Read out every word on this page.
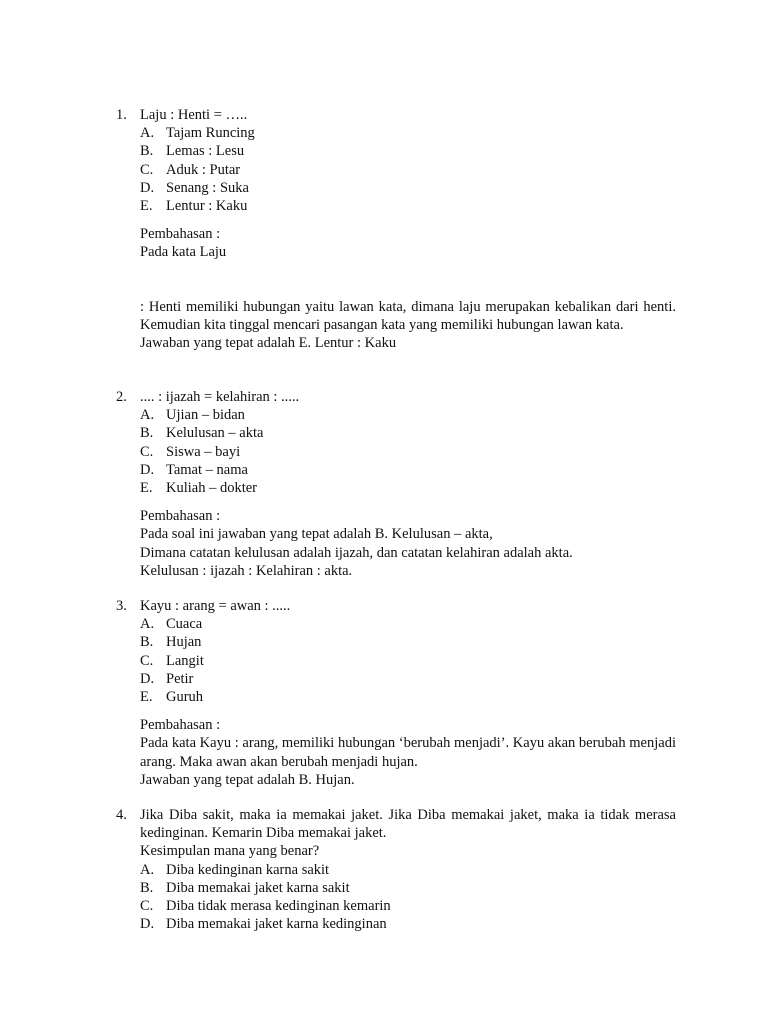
1. Laju : Henti = …..
A. Tajam Runcing
B. Lemas : Lesu
C. Aduk : Putar
D. Senang : Suka
E. Lentur : Kaku
Pembahasan :
Pada kata Laju
: Henti memiliki hubungan yaitu lawan kata, dimana laju merupakan kebalikan dari henti. Kemudian kita tinggal mencari pasangan kata yang memiliki hubungan lawan kata.
Jawaban yang tepat adalah E. Lentur : Kaku
2. .... : ijazah = kelahiran : .....
A. Ujian – bidan
B. Kelulusan – akta
C. Siswa – bayi
D. Tamat – nama
E. Kuliah – dokter
Pembahasan :
Pada soal ini jawaban yang tepat adalah B. Kelulusan – akta,
Dimana catatan kelulusan adalah ijazah, dan catatan kelahiran adalah akta.
Kelulusan : ijazah : Kelahiran : akta.
3. Kayu : arang = awan : .....
A. Cuaca
B. Hujan
C. Langit
D. Petir
E. Guruh
Pembahasan :
Pada kata Kayu : arang, memiliki hubungan ‘berubah menjadi’. Kayu akan berubah menjadi arang. Maka awan akan berubah menjadi hujan.
Jawaban yang tepat adalah B. Hujan.
4. Jika Diba sakit, maka ia memakai jaket. Jika Diba memakai jaket, maka ia tidak merasa kedinginan. Kemarin Diba memakai jaket.
Kesimpulan mana yang benar?
A. Diba kedinginan karna sakit
B. Diba memakai jaket karna sakit
C. Diba tidak merasa kedinginan kemarin
D. Diba memakai jaket karna kedinginan
